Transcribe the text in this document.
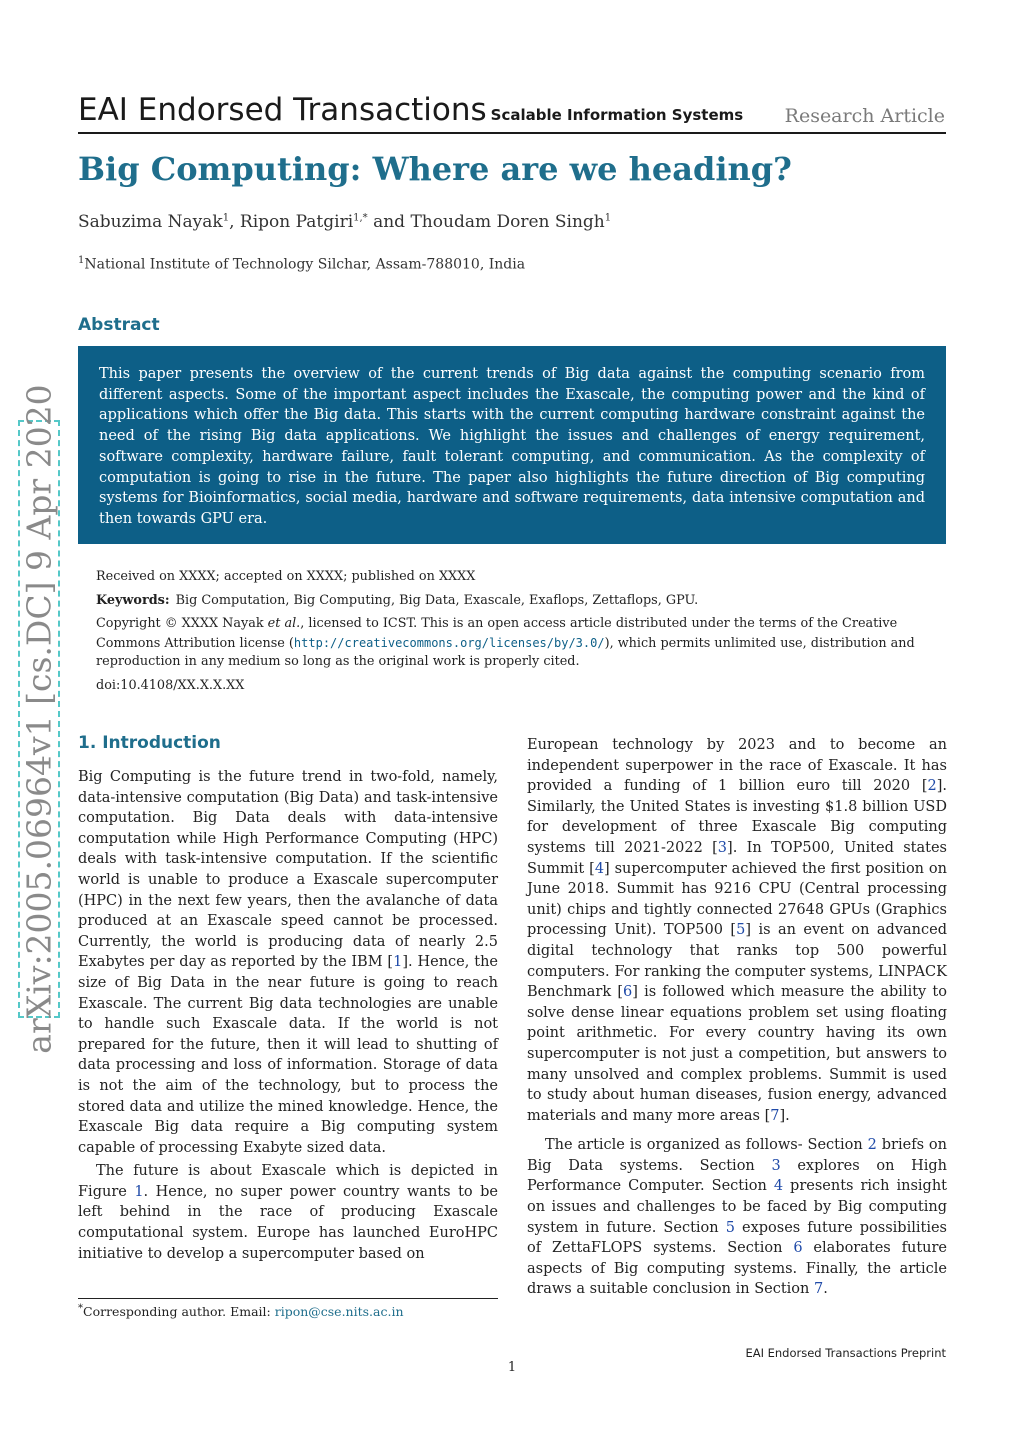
EAI Endorsed Transactions Scalable Information Systems Research Article
Big Computing: Where are we heading?
Sabuzima Nayak$^1$, Ripon Patgiri$^{1,*}$ and Thoudam Doren Singh$^1$
$^1$National Institute of Technology Silchar, Assam-788010, India
Abstract

This paper presents the overview of the current trends of Big data against the computing scenario from different aspects. Some of the important aspect includes the Exascale, the computing power and the kind of applications which offer the Big data. This starts with the current computing hardware constraint against the need of the rising Big data applications. We highlight the issues and challenges of energy requirement, software complexity, hardware failure, fault tolerant computing, and communication. As the complexity of computation is going to rise in the future. The paper also highlights the future direction of Big computing systems for Bioinformatics, social media, hardware and software requirements, data intensive computation and then towards GPU era.

Received on XXXX; accepted on XXXX; published on XXXX

Keywords: Big Computation, Big Computing, Big Data, Exascale, Exaflops, Zettaflops, GPU.

Copyright © XXXX Nayak et al., licensed to ICST. This is an open access article distributed under the terms of the Creative Commons Attribution license (http://creativecommons.org/licenses/by/3.0/), which permits unlimited use, distribution and reproduction in any medium so long as the original work is properly cited.

doi:10.4108/XX.X.X.XX

arXiv:2005.06964v1 [cs.DC] 9 Apr 2020 1. Introduction

Big Computing is the future trend in two-fold, namely, data-intensive computation (Big Data) and task-intensive computation. Big Data deals with data-intensive computation while High Performance Computing (HPC) deals with task-intensive computation. If the scientific world is unable to produce a Exascale supercomputer (HPC) in the next few years, then the avalanche of data produced at an Exascale speed cannot be processed. Currently, the world is producing data of nearly 2.5 Exabytes per day as reported by the IBM [1]. Hence, the size of Big Data in the near future is going to reach Exascale. The current Big data technologies are unable to handle such Exascale data. If the world is not prepared for the future, then it will lead to shutting of data processing and loss of information. Storage of data is not the aim of the technology, but to process the stored data and utilize the mined knowledge. Hence, the Exascale Big data require a Big computing system capable of processing Exabyte sized data.

The future is about Exascale which is depicted in Figure 1. Hence, no super power country wants to be left behind in the race of producing Exascale computational system. Europe has launched EuroHPC initiative to develop a supercomputer based on

European technology by 2023 and to become an independent superpower in the race of Exascale. It has provided a funding of 1 billion euro till 2020 [2]. Similarly, the United States is investing $1.8 billion USD for development of three Exascale Big computing systems till 2021-2022 [3]. In TOP500, United states Summit [4] supercomputer achieved the first position on June 2018. Summit has 9216 CPU (Central processing unit) chips and tightly connected 27648 GPUs (Graphics processing Unit). TOP500 [5] is an event on advanced digital technology that ranks top 500 powerful computers. For ranking the computer systems, LINPACK Benchmark [6] is followed which measure the ability to solve dense linear equations problem set using floating point arithmetic. For every country having its own supercomputer is not just a competition, but answers to many unsolved and complex problems. Summit is used to study about human diseases, fusion energy, advanced materials and many more areas [7].

The article is organized as follows- Section 2 briefs on Big Data systems. Section 3 explores on High Performance Computer. Section 4 presents rich insight on issues and challenges to be faced by Big computing system in future. Section 5 exposes future possibilities of ZettaFLOPS systems. Section 6 elaborates future aspects of Big computing systems. Finally, the article draws a suitable conclusion in Section 7.

*Corresponding author. Email: ripon@cse.nits.ac.in
EAI Endorsed Transactions Preprint
1
